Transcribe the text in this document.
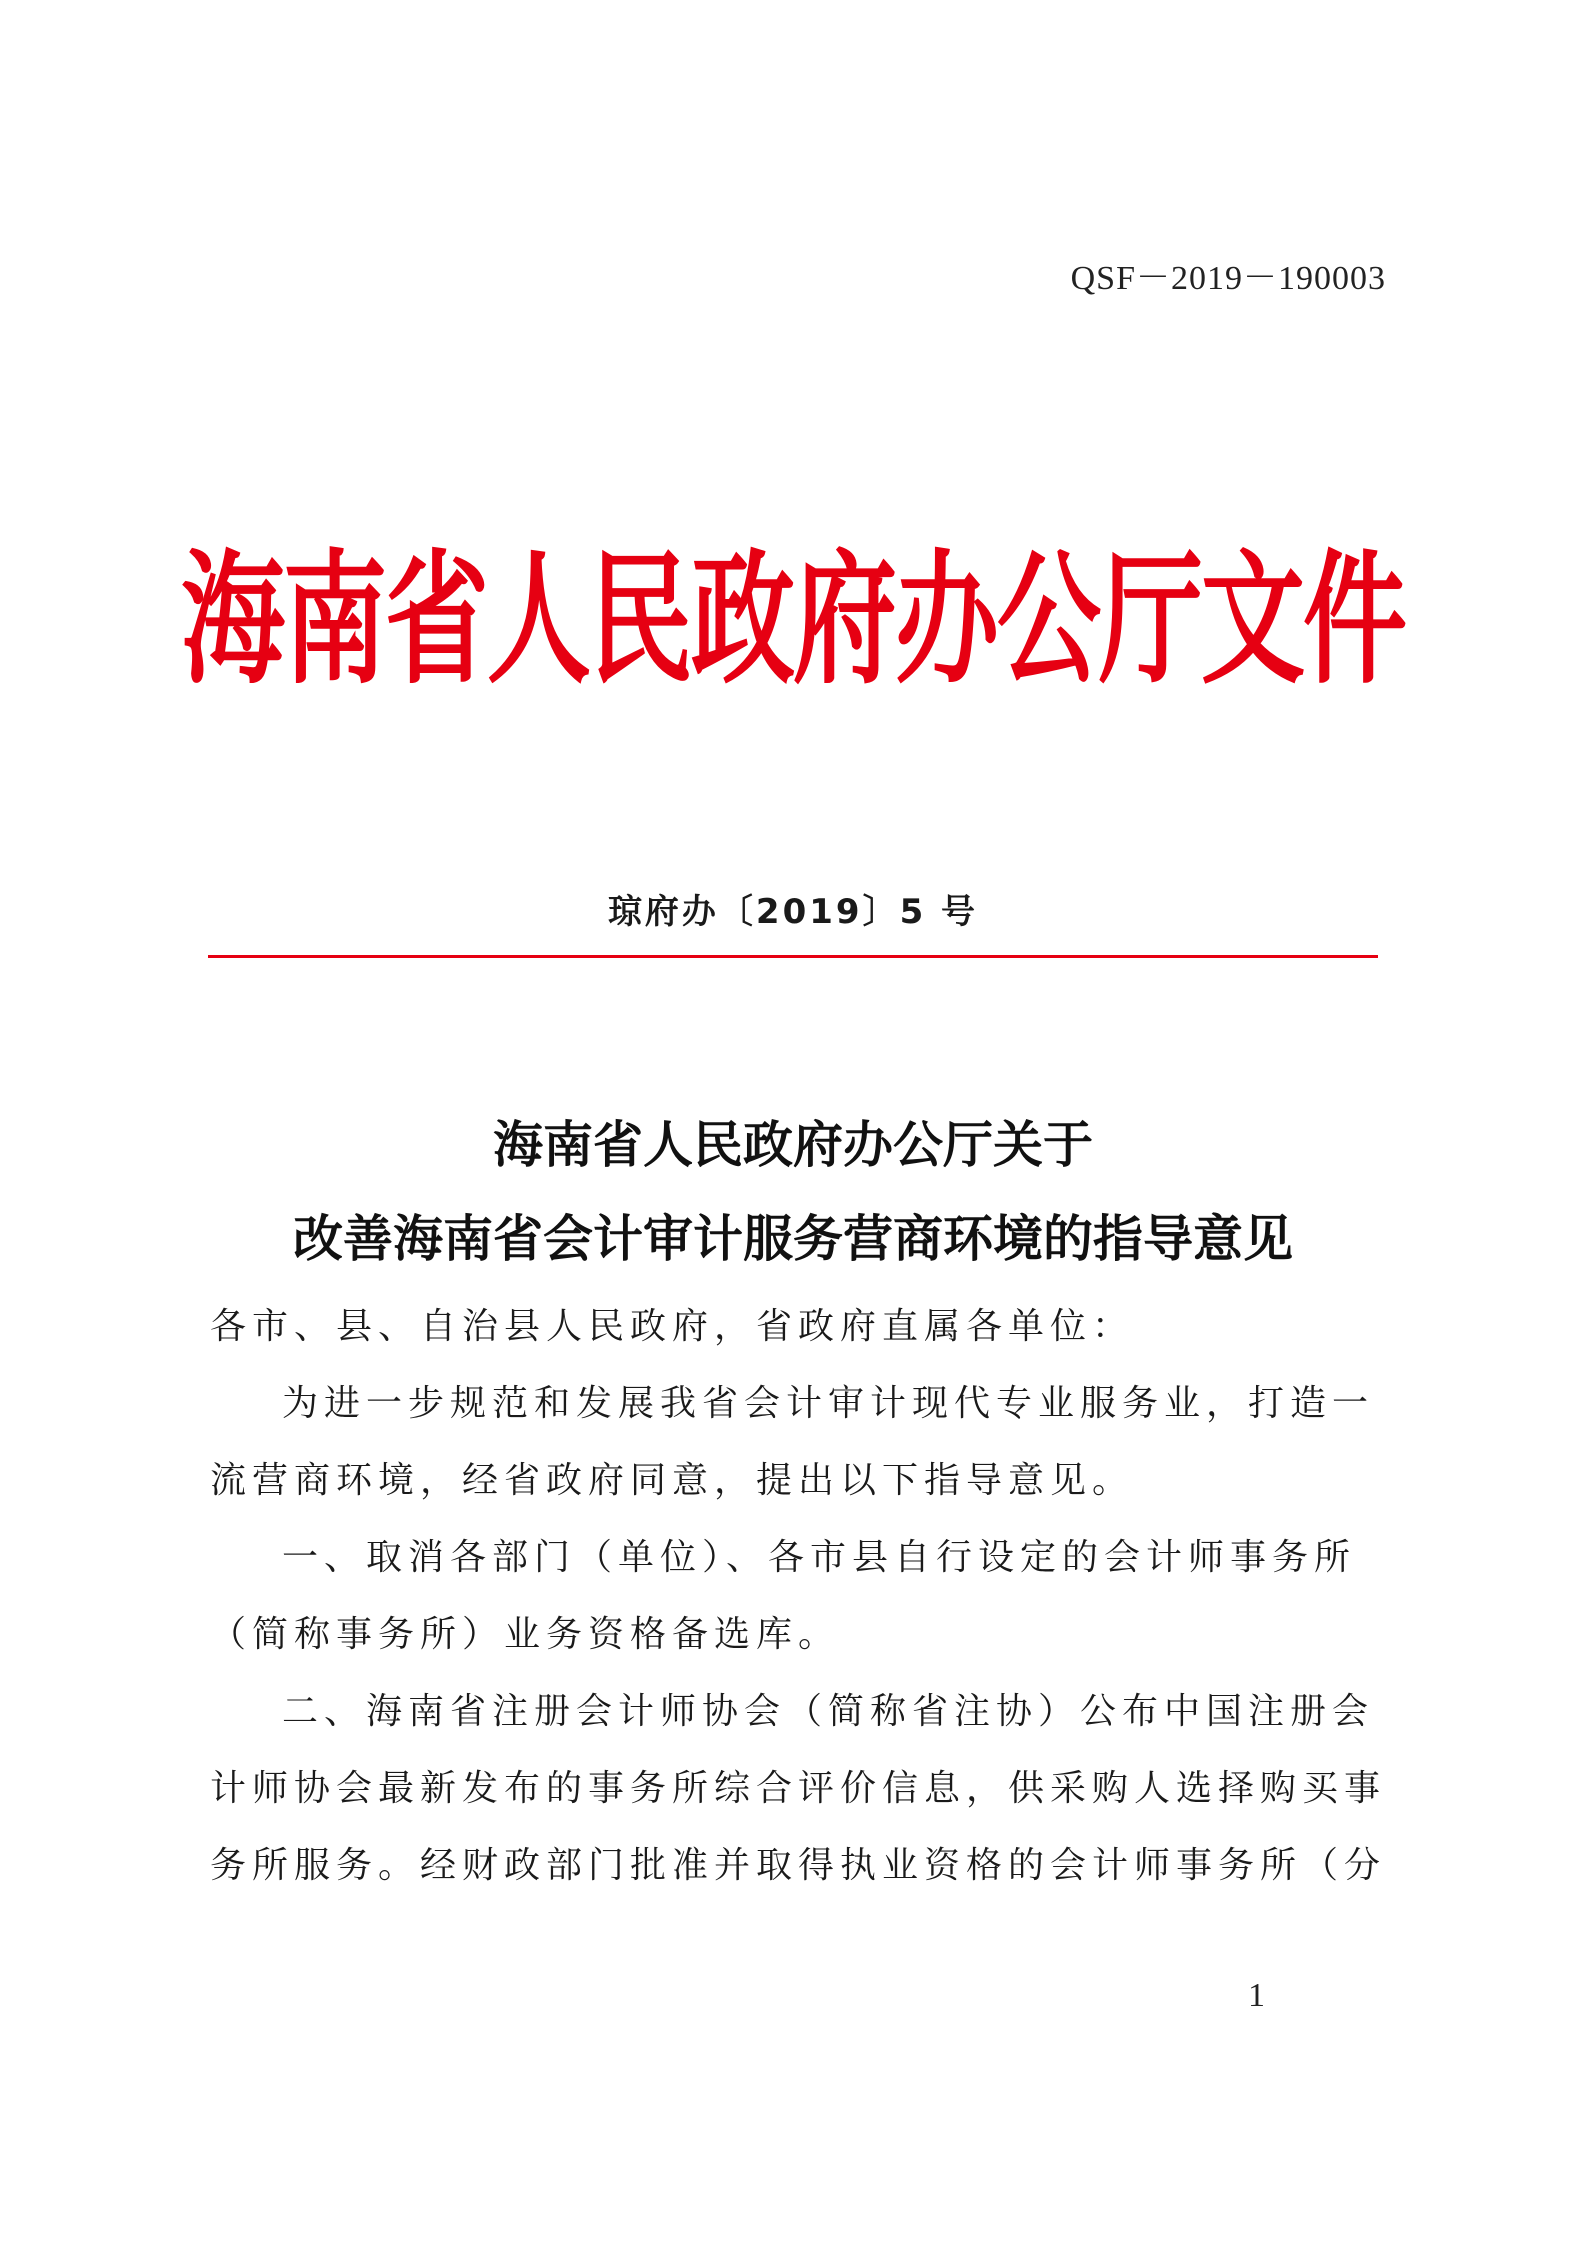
QSF－2019－190003
海南省人民政府办公厅文件
琼府办〔2019〕5 号
海南省人民政府办公厅关于
改善海南省会计审计服务营商环境的指导意见
各市、县、自治县人民政府，省政府直属各单位：
为进一步规范和发展我省会计审计现代专业服务业，打造一
流营商环境，经省政府同意，提出以下指导意见。
一、取消各部门（单位）、各市县自行设定的会计师事务所
（简称事务所）业务资格备选库。
二、海南省注册会计师协会（简称省注协）公布中国注册会
计师协会最新发布的事务所综合评价信息，供采购人选择购买事
务所服务。经财政部门批准并取得执业资格的会计师事务所（分
1
